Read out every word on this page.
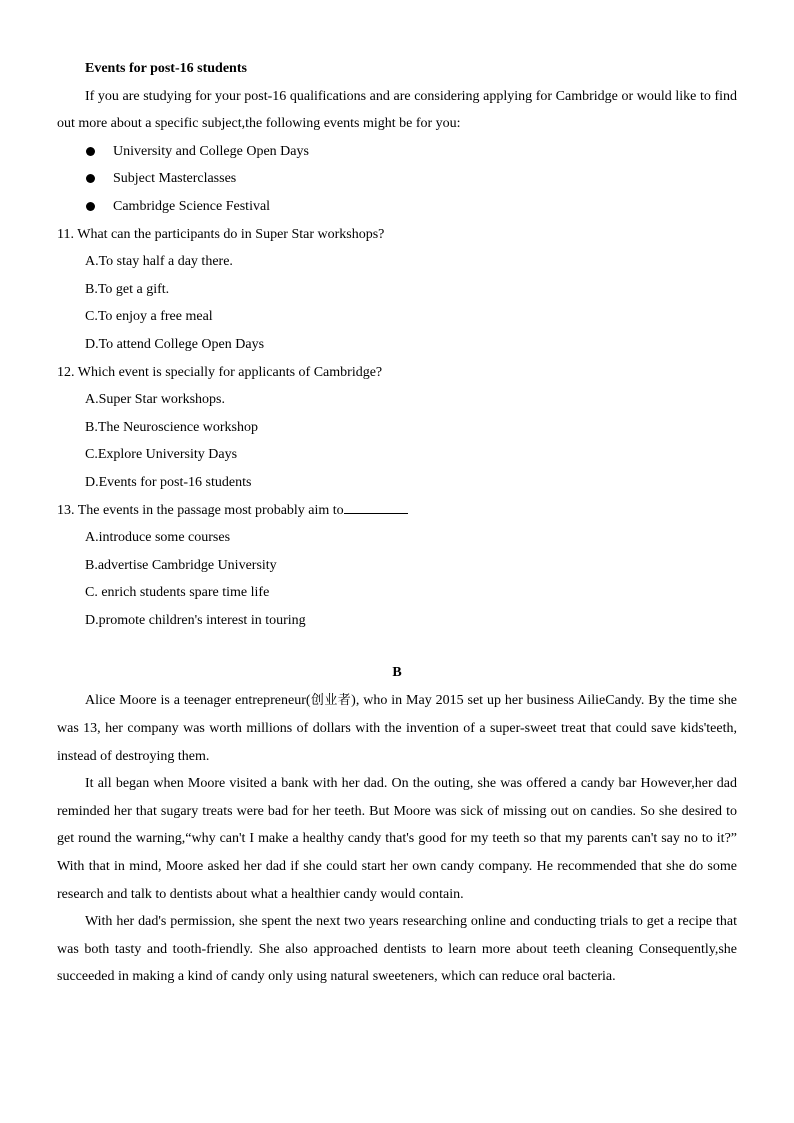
Events for post-16 students

If you are studying for your post-16 qualifications and are considering applying for Cambridge or would like to find out more about a specific subject,the following events might be for you:

University and College Open Days
Subject Masterclasses
Cambridge Science Festival

11. What can the participants do in Super Star workshops?

A.To stay half a day there.

B.To get a gift.

C.To enjoy a free meal

D.To attend College Open Days

12. Which event is specially for applicants of Cambridge?

A.Super Star workshops.

B.The Neuroscience workshop

C.Explore University Days

D.Events for post-16 students

13. The events in the passage most probably aim to

A.introduce some courses

B.advertise Cambridge University

C. enrich students spare time life

D.promote children's interest in touring

B

Alice Moore is a teenager entrepreneur(创业者), who in May 2015 set up her business AilieCandy. By the time she was 13, her company was worth millions of dollars with the invention of a super-sweet treat that could save kids'teeth, instead of destroying them.

It all began when Moore visited a bank with her dad. On the outing, she was offered a candy bar However,her dad reminded her that sugary treats were bad for her teeth. But Moore was sick of missing out on candies. So she desired to get round the warning,“why can't I make a healthy candy that's good for my teeth so that my parents can't say no to it?” With that in mind, Moore asked her dad if she could start her own candy company. He recommended that she do some research and talk to dentists about what a healthier candy would contain.

With her dad's permission, she spent the next two years researching online and conducting trials to get a recipe that was both tasty and tooth-friendly. She also approached dentists to learn more about teeth cleaning Consequently,she succeeded in making a kind of candy only using natural sweeteners, which can reduce oral bacteria.
